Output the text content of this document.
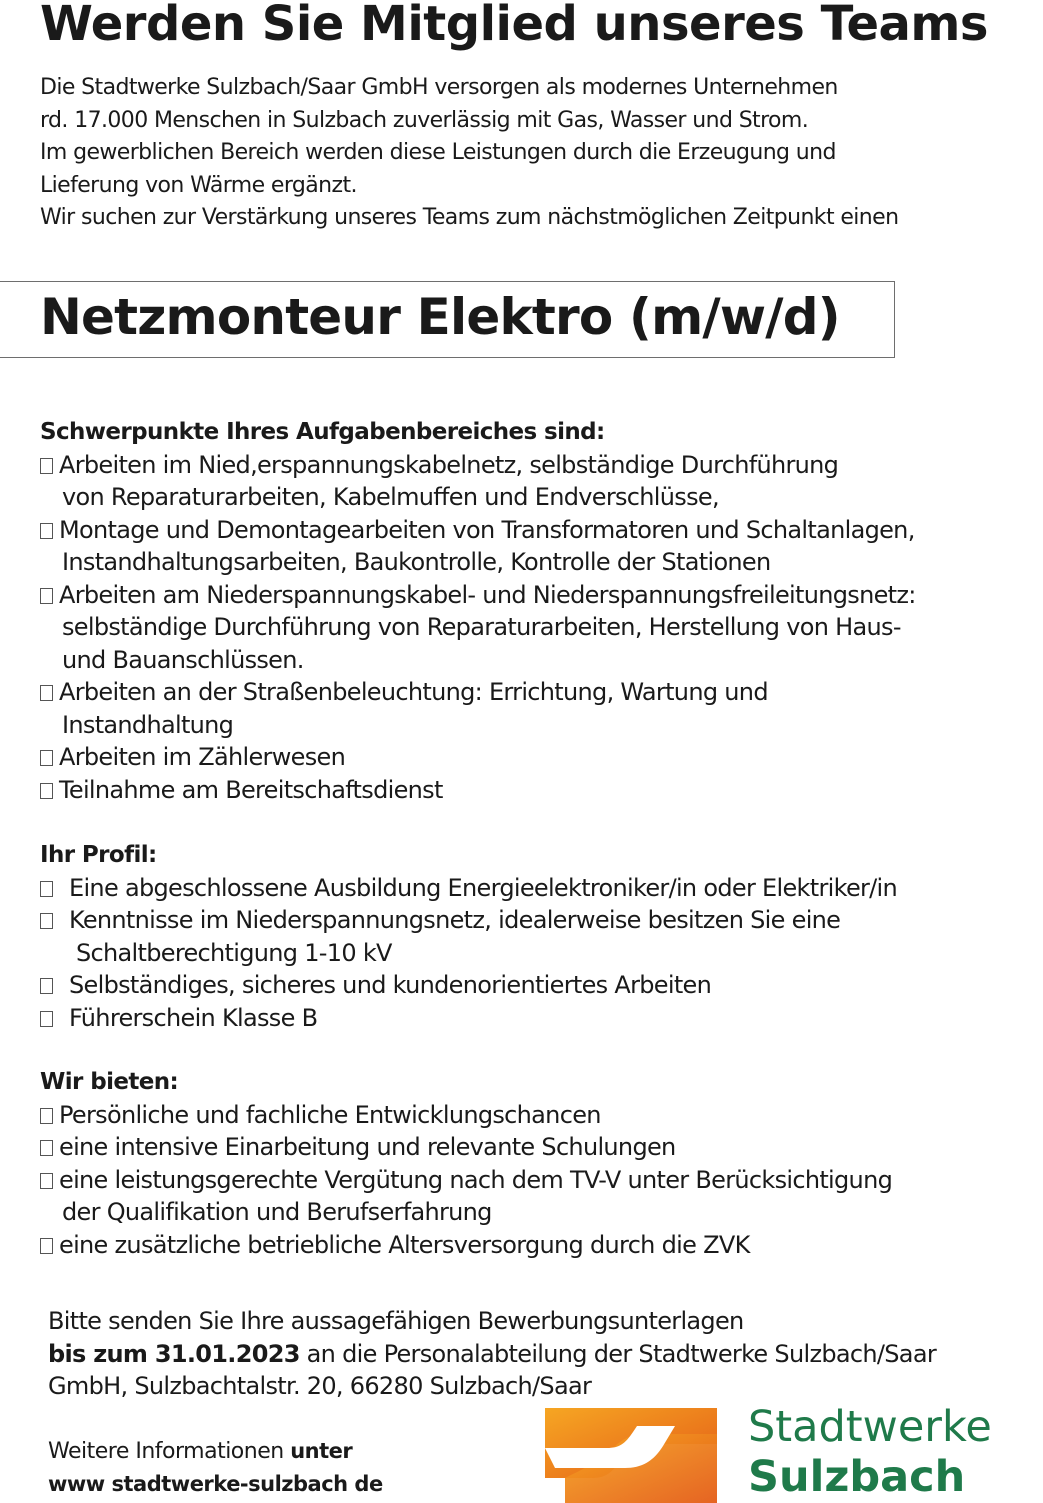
Werden Sie Mitglied unseres Teams
Die Stadtwerke Sulzbach/Saar GmbH versorgen als modernes Unternehmen
rd. 17.000 Menschen in Sulzbach zuverlässig mit Gas, Wasser und Strom.
Im gewerblichen Bereich werden diese Leistungen durch die Erzeugung und
Lieferung von Wärme ergänzt.
Wir suchen zur Verstärkung unseres Teams zum nächstmöglichen Zeitpunkt einen
Netzmonteur Elektro (m/w/d)
Schwerpunkte Ihres Aufgabenbereiches sind:
Arbeiten im Nied,erspannungskabelnetz, selbständige Durchführung
von Reparaturarbeiten, Kabelmuffen und Endverschlüsse,
Montage und Demontagearbeiten von Transformatoren und Schaltanlagen,
Instandhaltungsarbeiten, Baukontrolle, Kontrolle der Stationen
Arbeiten am Niederspannungskabel- und Niederspannungsfreileitungsnetz:
selbständige Durchführung von Reparaturarbeiten, Herstellung von Haus-
und Bauanschlüssen.
Arbeiten an der Straßenbeleuchtung: Errichtung, Wartung und
Instandhaltung
Arbeiten im Zählerwesen
Teilnahme am Bereitschaftsdienst
Ihr Profil:
Eine abgeschlossene Ausbildung Energieelektroniker/in oder Elektriker/in
Kenntnisse im Niederspannungsnetz, idealerweise besitzen Sie eine
Schaltberechtigung 1-10 kV
Selbständiges, sicheres und kundenorientiertes Arbeiten
Führerschein Klasse B
Wir bieten:
Persönliche und fachliche Entwicklungschancen
eine intensive Einarbeitung und relevante Schulungen
eine leistungsgerechte Vergütung nach dem TV-V unter Berücksichtigung
der Qualifikation und Berufserfahrung
eine zusätzliche betriebliche Altersversorgung durch die ZVK
Bitte senden Sie Ihre aussagefähigen Bewerbungsunterlagen
bis zum 31.01.2023 an die Personalabteilung der Stadtwerke Sulzbach/Saar
GmbH, Sulzbachtalstr. 20, 66280 Sulzbach/Saar
Weitere Informationen unter
www stadtwerke-sulzbach de
Stadtwerke
Sulzbach
